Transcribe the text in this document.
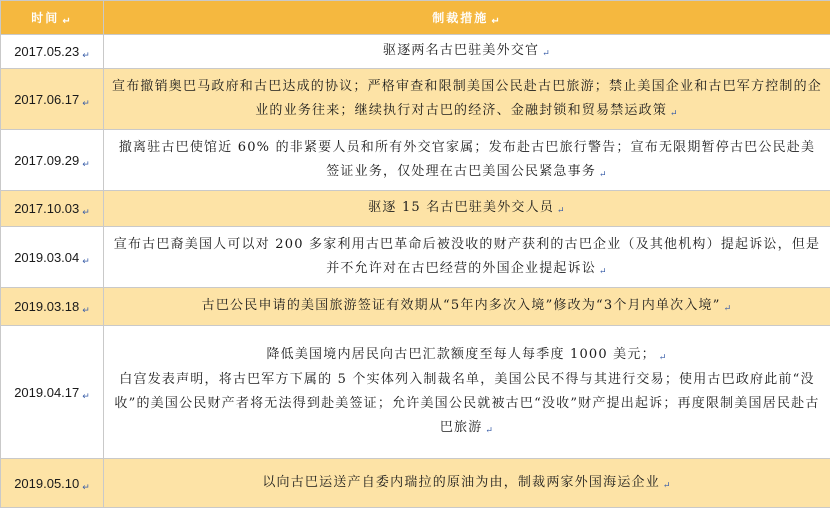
时间 ↵	制裁措施 ↵
2017.05.23 ↵	驱逐两名古巴驻美外交官 ↵
2017.06.17 ↵	宣布撤销奥巴马政府和古巴达成的协议；严格审查和限制美国公民赴古巴旅游；禁止美国企业和古巴军方控制的企业的业务往来；继续执行对古巴的经济、金融封锁和贸易禁运政策 ↵
2017.09.29 ↵	撤离驻古巴使馆近 60% 的非紧要人员和所有外交官家属；发布赴古巴旅行警告；宣布无限期暂停古巴公民赴美签证业务，仅处理在古巴美国公民紧急事务 ↵
2017.10.03 ↵	驱逐 15 名古巴驻美外交人员 ↵
2019.03.04 ↵	宣布古巴裔美国人可以对 200 多家利用古巴革命后被没收的财产获利的古巴企业（及其他机构）提起诉讼，但是并不允许对在古巴经营的外国企业提起诉讼 ↵
2019.03.18 ↵	古巴公民申请的美国旅游签证有效期从“5年内多次入境”修改为“3个月内单次入境” ↵
2019.04.17 ↵	降低美国境内居民向古巴汇款额度至每人每季度 1000 美元； ↵
白宫发表声明，将古巴军方下属的 5 个实体列入制裁名单，美国公民不得与其进行交易；使用古巴政府此前“没收”的美国公民财产者将无法得到赴美签证；允许美国公民就被古巴“没收”财产提出起诉；再度限制美国居民赴古巴旅游 ↵

2019.05.10 ↵	以向古巴运送产自委内瑞拉的原油为由，制裁两家外国海运企业 ↵
